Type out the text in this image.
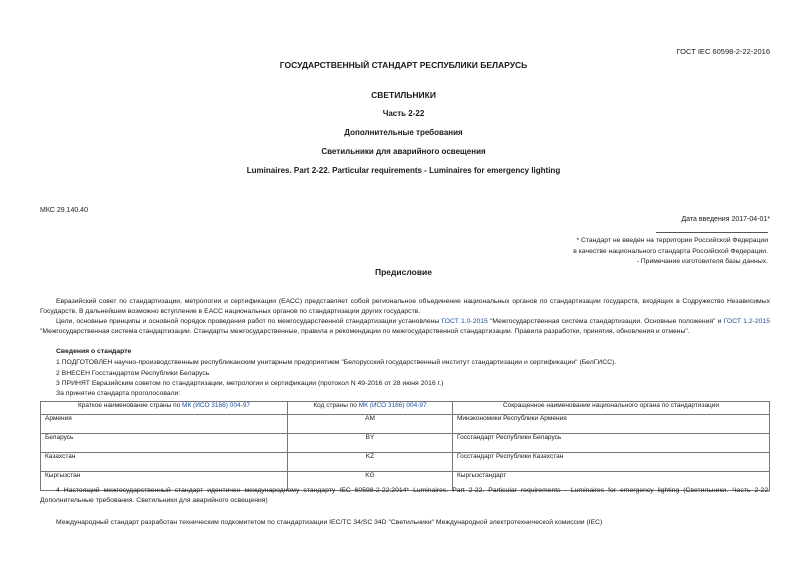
ГОСТ IEC 60598-2-22-2016
ГОСУДАРСТВЕННЫЙ СТАНДАРТ РЕСПУБЛИКИ БЕЛАРУСЬ
СВЕТИЛЬНИКИ
Часть 2-22
Дополнительные требования
Светильники для аварийного освещения
Luminaires. Part 2-22. Particular requirements - Luminaires for emergency lighting
МКС 29.140.40
Дата введения 2017-04-01*
* Стандарт не введен на территории Российской Федерации
в качестве национального стандарта Российской Федерации.
- Примечание изготовителя базы данных.
Предисловие
Евразийский совет по стандартизации, метрологии и сертификации (ЕАСС) представляет собой региональное объединение национальных органов по стандартизации государств, входящих в Содружество Независимых Государств. В дальнейшем возможно вступление в ЕАСС национальных органов по стандартизации других государств.
Цели, основные принципы и основной порядок проведения работ по межгосударственной стандартизации установлены ГОСТ 1.0-2015 "Межгосударственная система стандартизации. Основные положения" и ГОСТ 1.2-2015 "Межгосударственная система стандартизации. Стандарты межгосударственные, правила и рекомендации по межгосударственной стандартизации. Правила разработки, принятия, обновления и отмены".
Сведения о стандарте
1 ПОДГОТОВЛЕН научно-производственным республиканским унитарным предприятием "Белорусский государственный институт стандартизации и сертификации" (БелГИСС).
2 ВНЕСЕН Госстандартом Республики Беларусь
3 ПРИНЯТ Евразийским советом по стандартизации, метрологии и сертификации (протокол N 49-2016 от 28 июня 2016 г.)
За принятие стандарта проголосовали:
Краткое наименование страны по МК (ИСО 3166) 004-97	Код страны по МК (ИСО 3166) 004-97	Сокращенное наименование национального органа по стандартизации
Армения	AM	Минэкономики Республики Армения
Беларусь	BY	Госстандарт Республики Беларусь
Казахстан	KZ	Госстандарт Республики Казахстан
Кыргызстан	KG	Кыргызстандарт
4 Настоящий межгосударственный стандарт идентичен международному стандарту IEC 60598-2-22:2014* Luminaires. Part 2-22. Particular requirements - Luminaires for emergency lighting (Светильники. Часть 2-22. Дополнительные требования. Светильники для аварийного освещения)
Международный стандарт разработан техническим подкомитетом по стандартизации IEC/TC 34/SC 34D "Светильники" Международной электротехнической комиссии (IEC)
